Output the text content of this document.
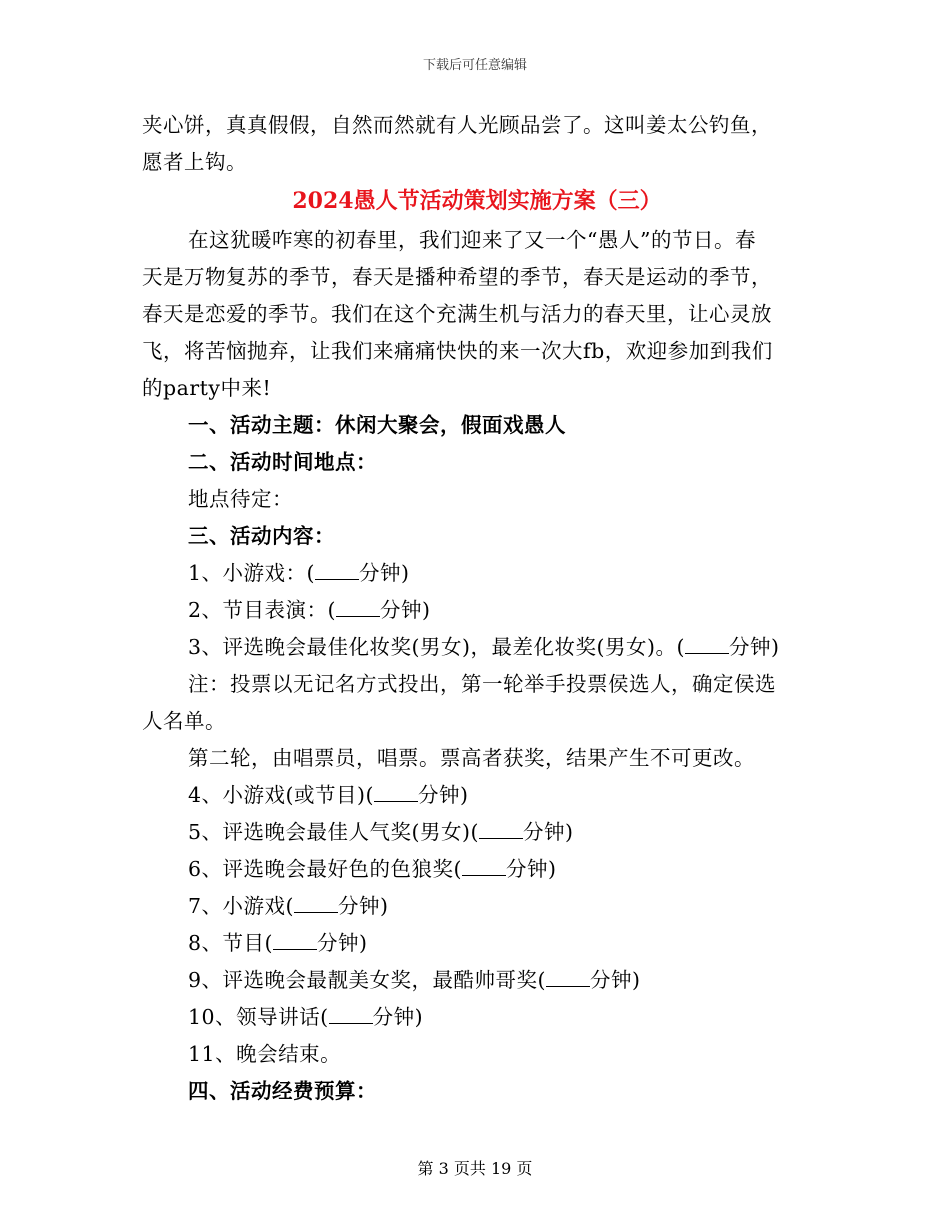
下载后可任意编辑
夹心饼，真真假假，自然而然就有人光顾品尝了。这叫姜太公钓鱼，
愿者上钩。
2024愚人节活动策划实施方案（三）
在这犹暖咋寒的初春里，我们迎来了又一个“愚人”的节日。春
天是万物复苏的季节，春天是播种希望的季节，春天是运动的季节，
春天是恋爱的季节。我们在这个充满生机与活力的春天里，让心灵放
飞，将苦恼抛弃，让我们来痛痛快快的来一次大fb，欢迎参加到我们
的party中来!
一、活动主题：休闲大聚会，假面戏愚人
二、活动时间地点：
地点待定：
三、活动内容：
1、小游戏：( 分钟)
2、节目表演：( 分钟)
3、评选晚会最佳化妆奖(男女)，最差化妆奖(男女)。( 分钟)
注：投票以无记名方式投出，第一轮举手投票侯选人，确定侯选
人名单。
第二轮，由唱票员，唱票。票高者获奖，结果产生不可更改。
4、小游戏(或节目)( 分钟)
5、评选晚会最佳人气奖(男女)( 分钟)
6、评选晚会最好色的色狼奖( 分钟)
7、小游戏( 分钟)
8、节目( 分钟)
9、评选晚会最靓美女奖，最酷帅哥奖( 分钟)
10、领导讲话( 分钟)
11、晚会结束。
四、活动经费预算：
第 3 页共 19 页
